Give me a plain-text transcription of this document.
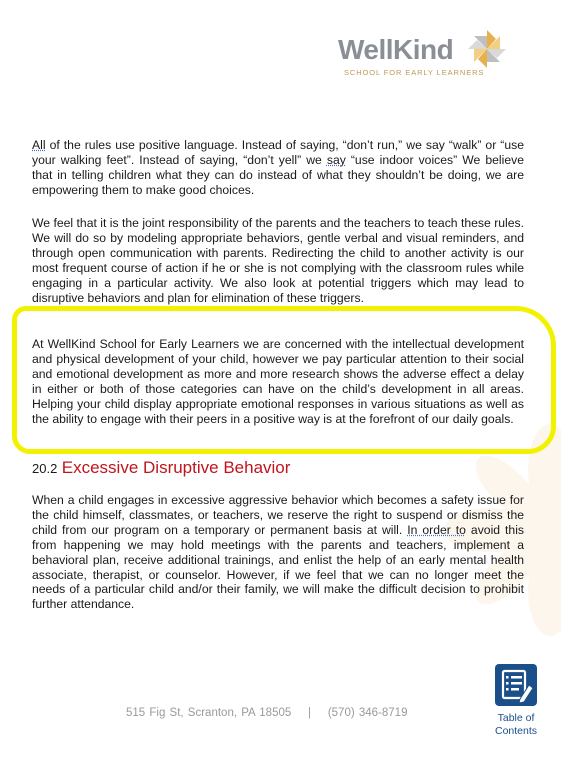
WellKind
SCHOOL FOR EARLY LEARNERS
All of the rules use positive language. Instead of saying, “don’t run,” we say “walk” or “use your walking feet”. Instead of saying, “don’t yell” we say “use indoor voices” We believe that in telling children what they can do instead of what they shouldn’t be doing, we are empowering them to make good choices.
We feel that it is the joint responsibility of the parents and the teachers to teach these rules. We will do so by modeling appropriate behaviors, gentle verbal and visual reminders, and through open communication with parents. Redirecting the child to another activity is our most frequent course of action if he or she is not complying with the classroom rules while engaging in a particular activity. We also look at potential triggers which may lead to disruptive behaviors and plan for elimination of these triggers.
At WellKind School for Early Learners we are concerned with the intellectual development and physical development of your child, however we pay particular attention to their social and emotional development as more and more research shows the adverse effect a delay in either or both of those categories can have on the child’s development in all areas. Helping your child display appropriate emotional responses in various situations as well as the ability to engage with their peers in a positive way is at the forefront of our daily goals.
20.2 Excessive Disruptive Behavior
When a child engages in excessive aggressive behavior which becomes a safety issue for the child himself, classmates, or teachers, we reserve the right to suspend or dismiss the child from our program on a temporary or permanent basis at will. In order to avoid this from happening we may hold meetings with the parents and teachers, implement a behavioral plan, receive additional trainings, and enlist the help of an early mental health associate, therapist, or counselor. However, if we feel that we can no longer meet the needs of a particular child and/or their family, we will make the difficult decision to prohibit further attendance.
515 Fig St, Scranton, PA 18505 | (570) 346-8719	Table of
Contents
